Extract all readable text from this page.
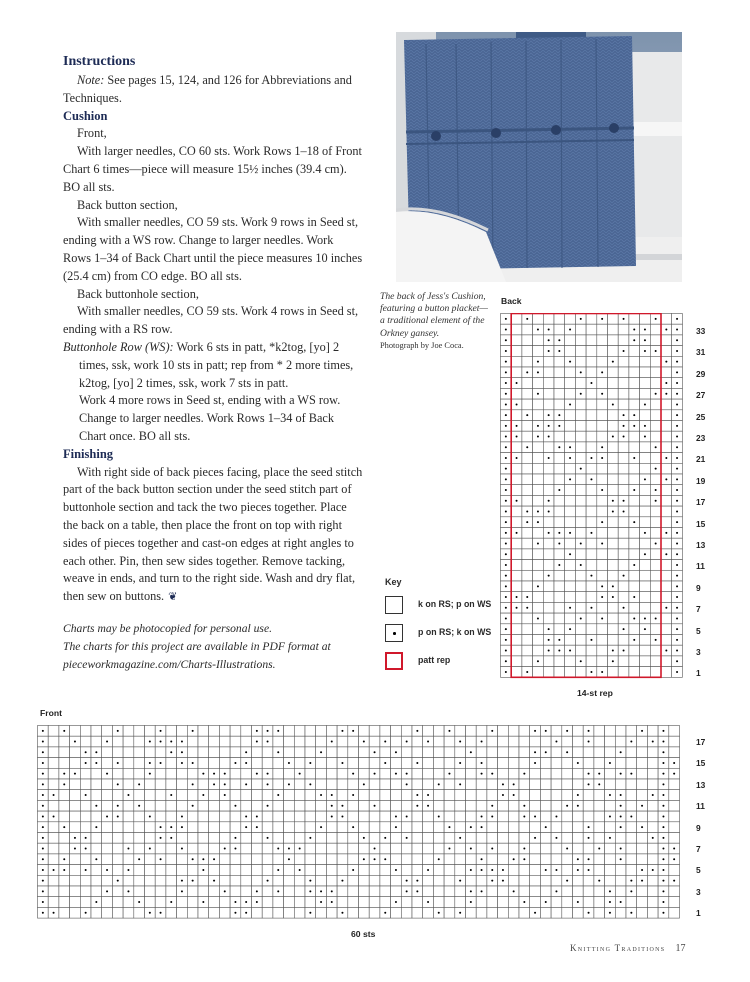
Instructions

Note: See pages 15, 124, and 126 for Abbreviations and Techniques.

Cushion

Front,

With larger needles, CO 60 sts. Work Rows 1–18 of Front Chart 6 times—piece will measure 15½ inches (39.4 cm). BO all sts.

Back button section,

With smaller needles, CO 59 sts. Work 9 rows in Seed st, ending with a WS row. Change to larger needles. Work Rows 1–34 of Back Chart until the piece measures 10 inches (25.4 cm) from CO edge. BO all sts.

Back buttonhole section,

With smaller needles, CO 59 sts. Work 4 rows in Seed st, ending with a RS row.

Buttonhole Row (WS): Work 6 sts in patt, *k2tog, [yo] 2 times, ssk, work 10 sts in patt; rep from * 2 more times, k2tog, [yo] 2 times, ssk, work 7 sts in patt.

Work 4 more rows in Seed st, ending with a WS row. Change to larger needles. Work Rows 1–34 of Back Chart once. BO all sts.

Finishing

With right side of back pieces facing, place the seed stitch part of the back button section under the seed stitch part of buttonhole section and tack the two pieces together. Place the back on a table, then place the front on top with right sides of pieces together and cast-on edges at right angles to each other. Pin, then sew sides together. Remove tacking, weave in ends, and turn to the right side. Wash and dry flat, then sew on buttons. ❦

Charts may be photocopied for personal use.
The charts for this project are available in PDF format at pieceworkmagazine.com/Charts-Illustrations.
The back of Jess's Cushion, featuring a button placket—a traditional element of the Orkney gansey.
Photograph by Joe Coca.
Back
33
31
29
27
25
23
21
19
17
15
13
11
9
7
5
3
1
14-st rep
Key
k on RS; p on WS
p on RS; k on WS
patt rep
Front
17
15
13
11
9
7
5
3
1
60 sts
Knitting Traditions 17
